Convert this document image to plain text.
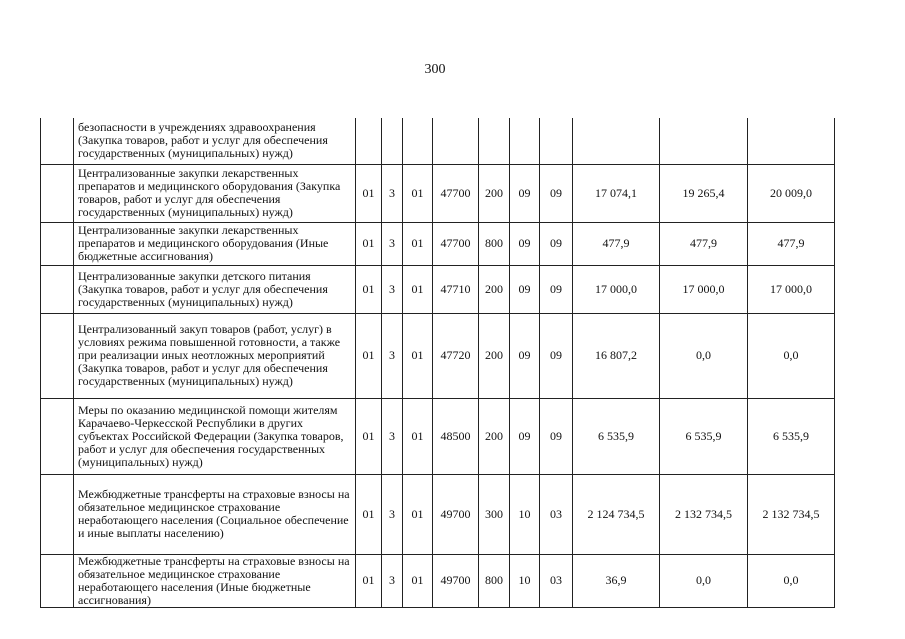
300
	безопасности в учреждениях здравоохранения (Закупка товаров, работ и услуг для обеспечения государственных (муниципальных) нужд)										
	Централизованные закупки лекарственных препаратов и медицинского оборудования (Закупка товаров, работ и услуг для обеспечения государственных (муниципальных) нужд)	01	3	01	47700	200	09	09	17 074,1	19 265,4	20 009,0
	Централизованные закупки лекарственных препаратов и медицинского оборудования (Иные бюджетные ассигнования)	01	3	01	47700	800	09	09	477,9	477,9	477,9
	Централизованные закупки детского питания (Закупка товаров, работ и услуг для обеспечения государственных (муниципальных) нужд)	01	3	01	47710	200	09	09	17 000,0	17 000,0	17 000,0
	Централизованный закуп товаров (работ, услуг) в условиях режима повышенной готовности, а также при реализации иных неотложных мероприятий (Закупка товаров, работ и услуг для обеспечения государственных (муниципальных) нужд)	01	3	01	47720	200	09	09	16 807,2	0,0	0,0
	Меры по оказанию медицинской помощи жителям Карачаево-Черкесской Республики в других субъектах Российской Федерации (Закупка товаров, работ и услуг для обеспечения государственных (муниципальных) нужд)	01	3	01	48500	200	09	09	6 535,9	6 535,9	6 535,9
	Межбюджетные трансферты на страховые взносы на обязательное медицинское страхование неработающего населения (Социальное обеспечение и иные выплаты населению)	01	3	01	49700	300	10	03	2 124 734,5	2 132 734,5	2 132 734,5
	Межбюджетные трансферты на страховые взносы на обязательное медицинское страхование неработающего населения (Иные бюджетные ассигнования)	01	3	01	49700	800	10	03	36,9	0,0	0,0
